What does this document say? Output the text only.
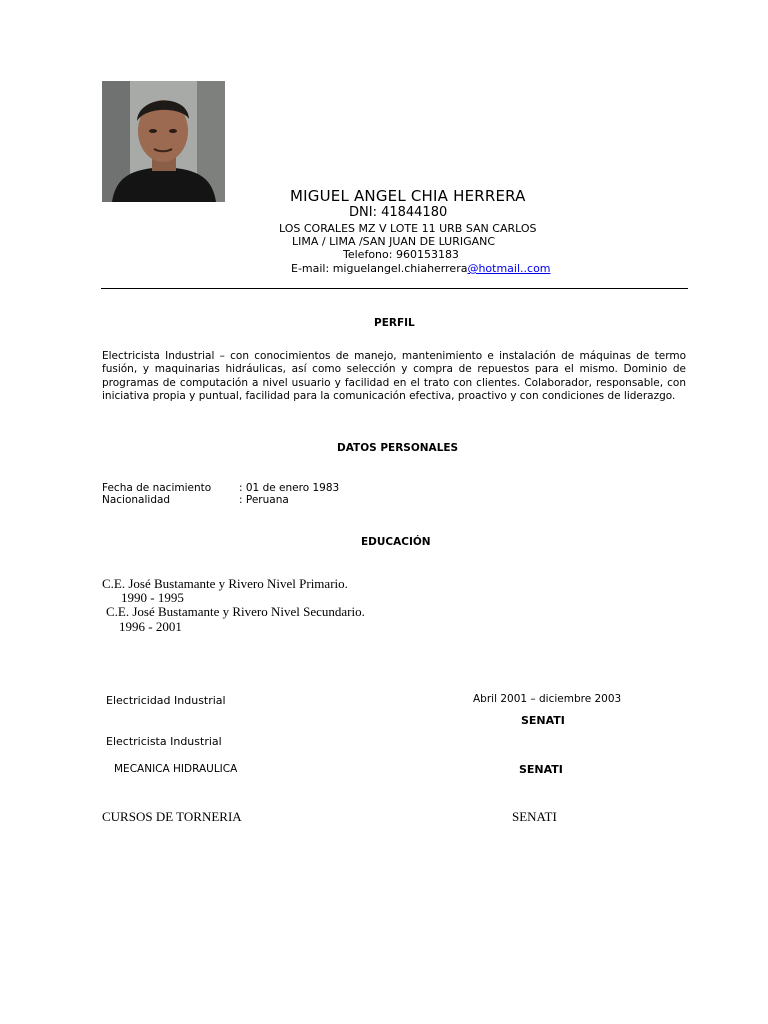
MIGUEL ANGEL CHIA HERRERA
DNI: 41844180
LOS CORALES MZ V LOTE 11 URB SAN CARLOS
LIMA / LIMA /SAN JUAN DE LURIGANC
Telefono: 960153183
E-mail: miguelangel.chiaherrera@hotmail..com
PERFIL
Electricista Industrial – con conocimientos de manejo, mantenimiento e instalación de máquinas de termo fusión, y maquinarias hidráulicas, así como selección y compra de repuestos para el mismo. Dominio de programas de computación a nivel usuario y facilidad en el trato con clientes. Colaborador, responsable, con iniciativa propia y puntual, facilidad para la comunicación efectiva, proactivo y con condiciones de liderazgo.
DATOS PERSONALES
Fecha de nacimiento	: 01 de enero 1983
Nacionalidad	: Peruana
EDUCACIÓN
C.E. José Bustamante y Rivero Nivel Primario.
1990 - 1995
C.E. José Bustamante y Rivero Nivel Secundario.
1996 - 2001
Electricidad Industrial	Abril 2001 – diciembre 2003
SENATI
Electricista Industrial
MECANICA HIDRAULICA	SENATI
CURSOS DE TORNERIA	SENATI
